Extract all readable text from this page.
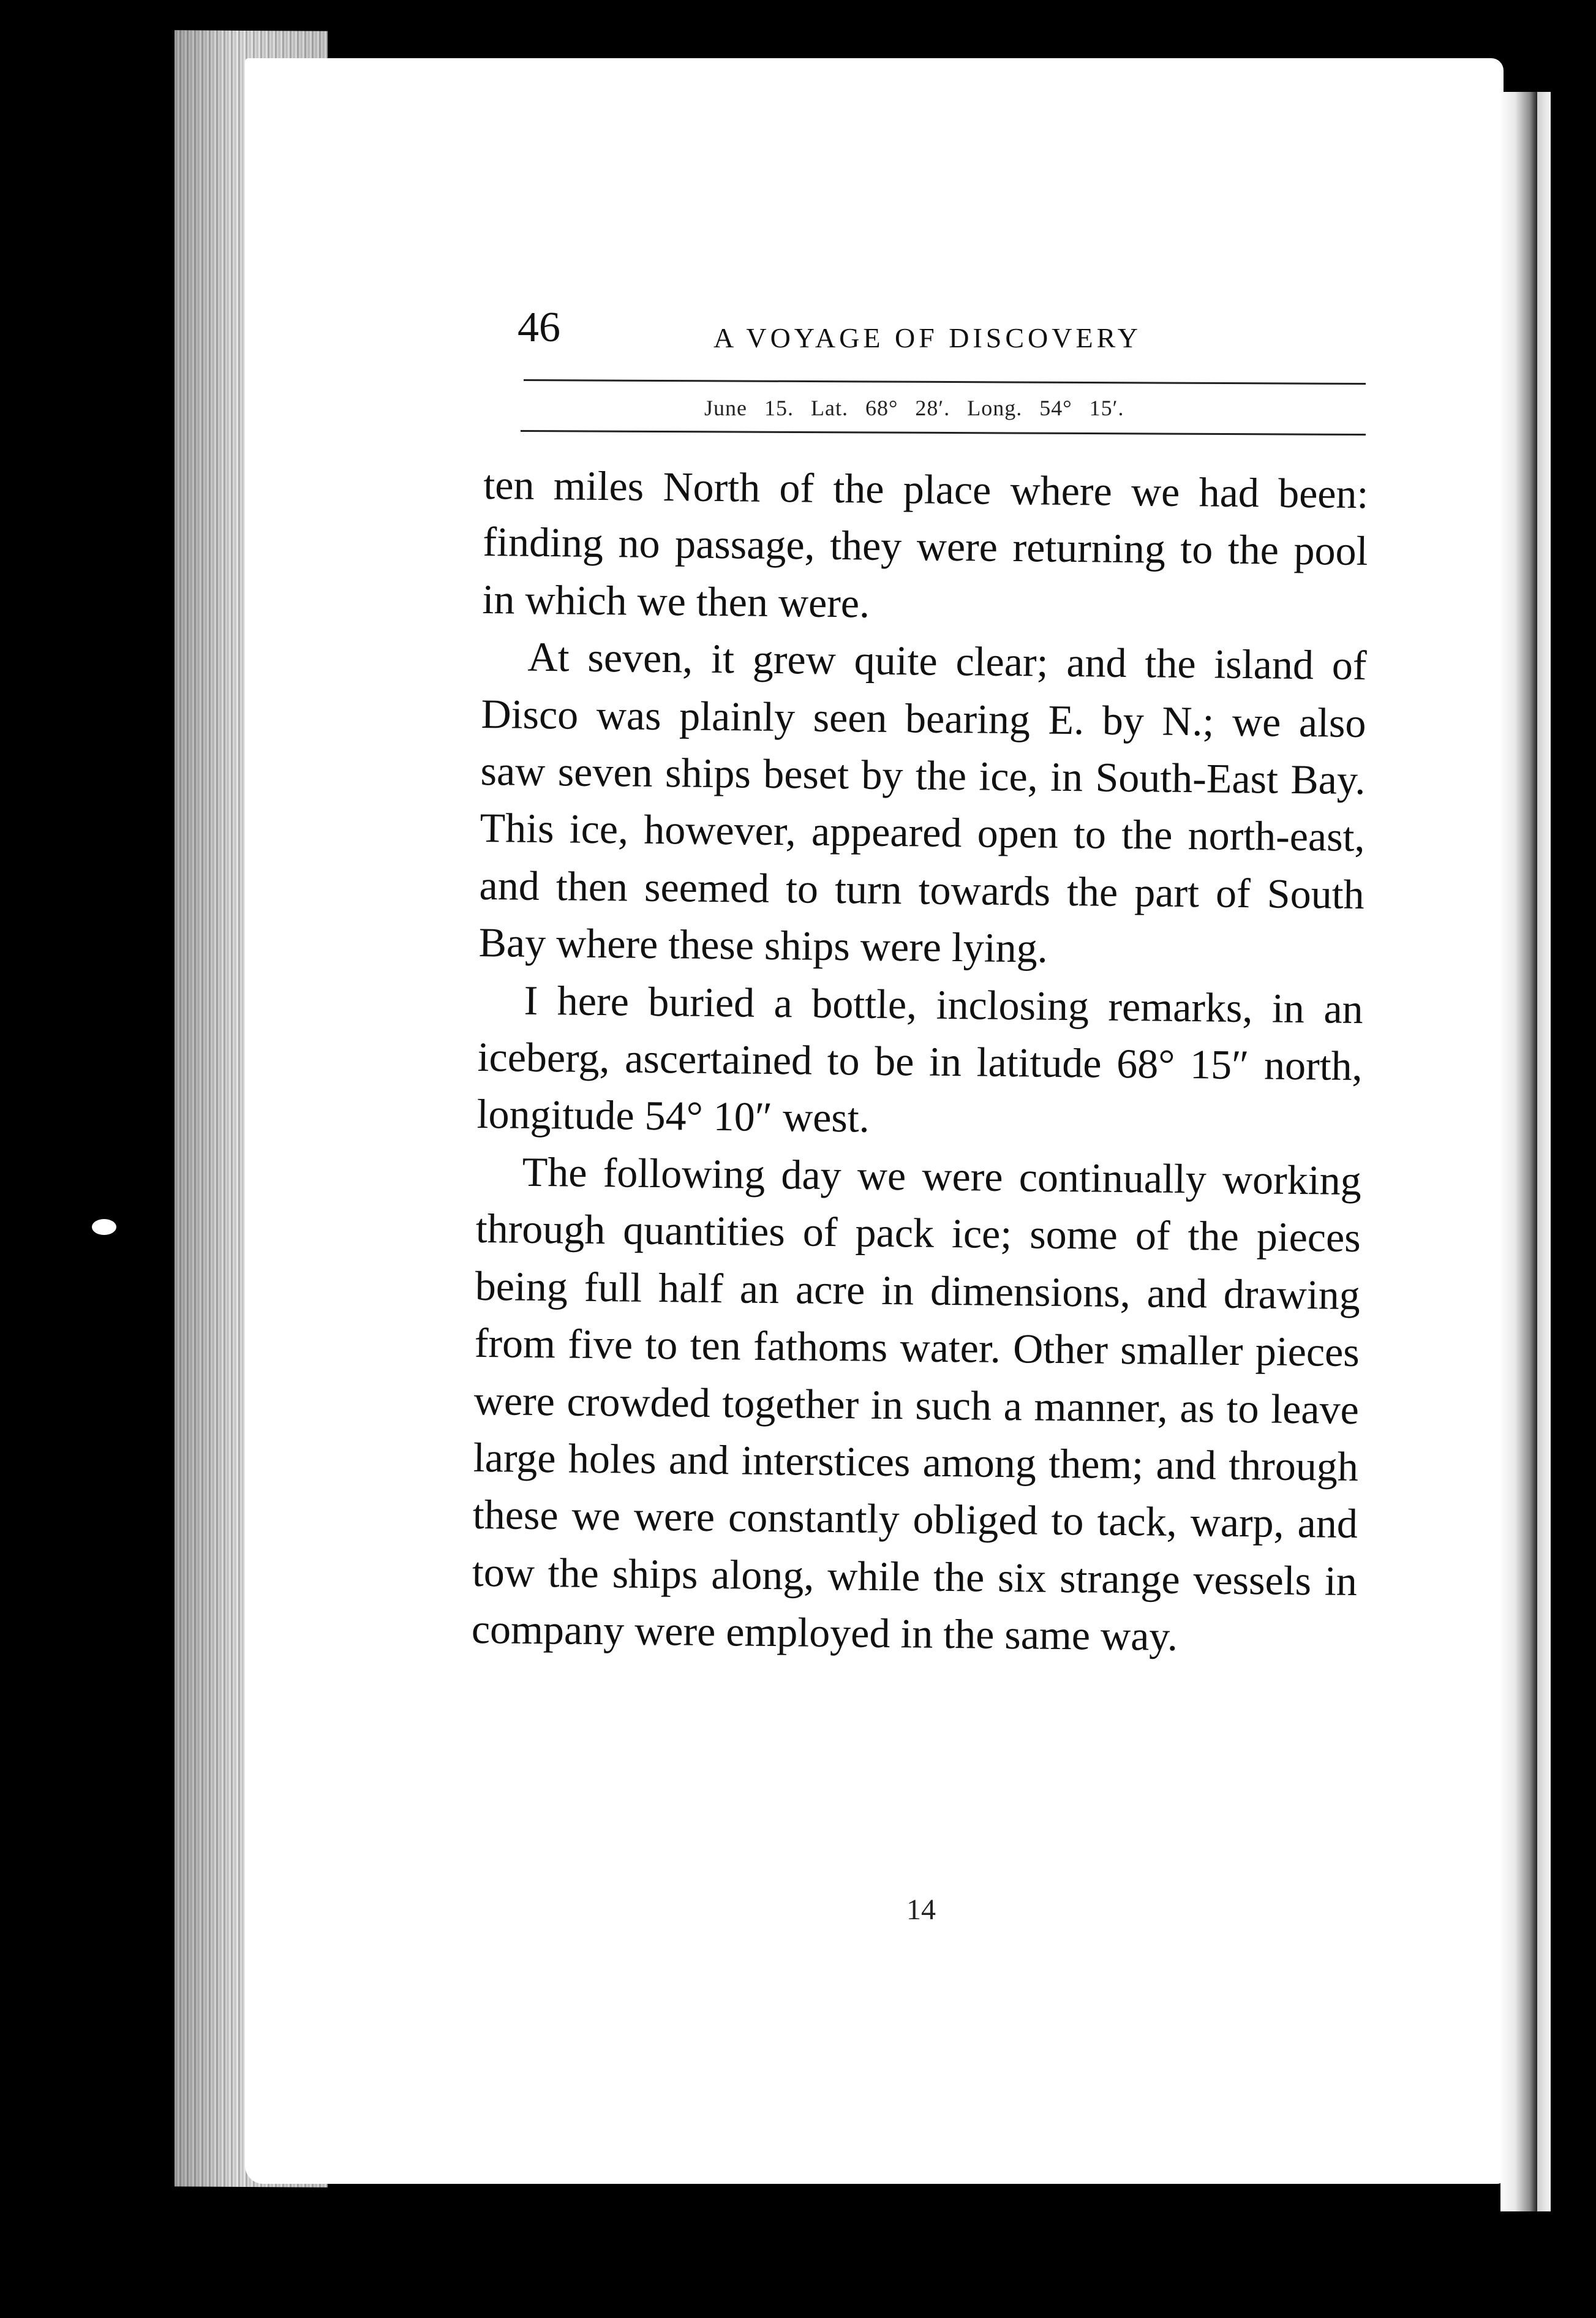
46	A VOYAGE OF DISCOVERY
June 15. Lat. 68° 28′. Long. 54° 15′.

ten miles North of the place where we had been: finding no passage, they were returning to the pool in which we then were.

At seven, it grew quite clear; and the island of Disco was plainly seen bearing E. by N.; we also saw seven ships beset by the ice, in South-East Bay. This ice, however, appeared open to the north-east, and then seemed to turn towards the part of South Bay where these ships were lying.

I here buried a bottle, inclosing remarks, in an iceberg, ascertained to be in latitude 68° 15″ north, longitude 54° 10″ west.

The following day we were continually working through quantities of pack ice; some of the pieces being full half an acre in dimensions, and drawing from five to ten fathoms water. Other smaller pieces were crowded together in such a manner, as to leave large holes and interstices among them; and through these we were constantly obliged to tack, warp, and tow the ships along, while the six strange vessels in company were employed in the same way.

14
